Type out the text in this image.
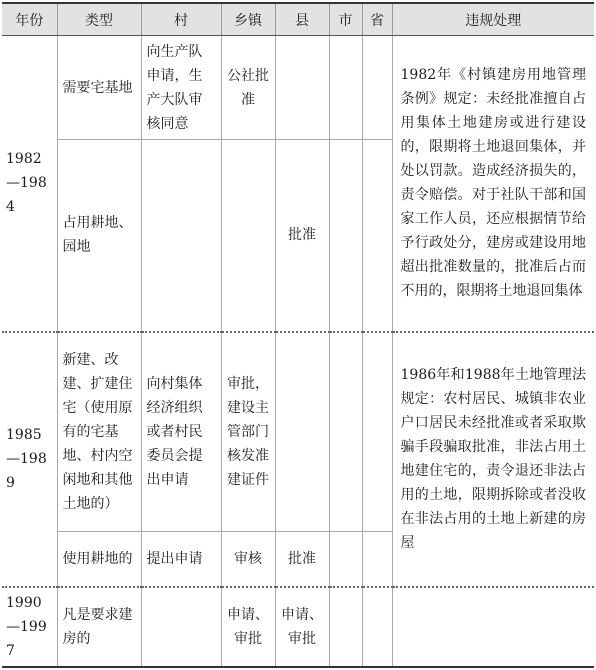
年份	类型	村	乡镇	县	市	省	违规处理
1982—1984	需要宅基地	向生产队申请，生产大队审核同意	公社批准				1982年《村镇建房用地管理条例》规定：未经批准擅自占用集体土地建房或进行建设的，限期将土地退回集体，并处以罚款。造成经济损失的，责令赔偿。对于社队干部和国家工作人员，还应根据情节给予行政处分，建房或建设用地超出批准数量的，批准后占而不用的，限期将土地退回集体
	占用耕地、园地			批准			
1985—1989	新建、改建、扩建住宅（使用原有的宅基地、村内空闲地和其他土地的）	向村集体经济组织或者村民委员会提出申请	审批，建设主管部门核发准建证件				1986年和1988年土地管理法规定：农村居民、城镇非农业户口居民未经批准或者采取欺骗手段骗取批准，非法占用土地建住宅的，责令退还非法占用的土地，限期拆除或者没收在非法占用的土地上新建的房屋
	使用耕地的	提出申请	审核	批准			
1990—1997	凡是要求建房的		申请、审批	申请、审批			
